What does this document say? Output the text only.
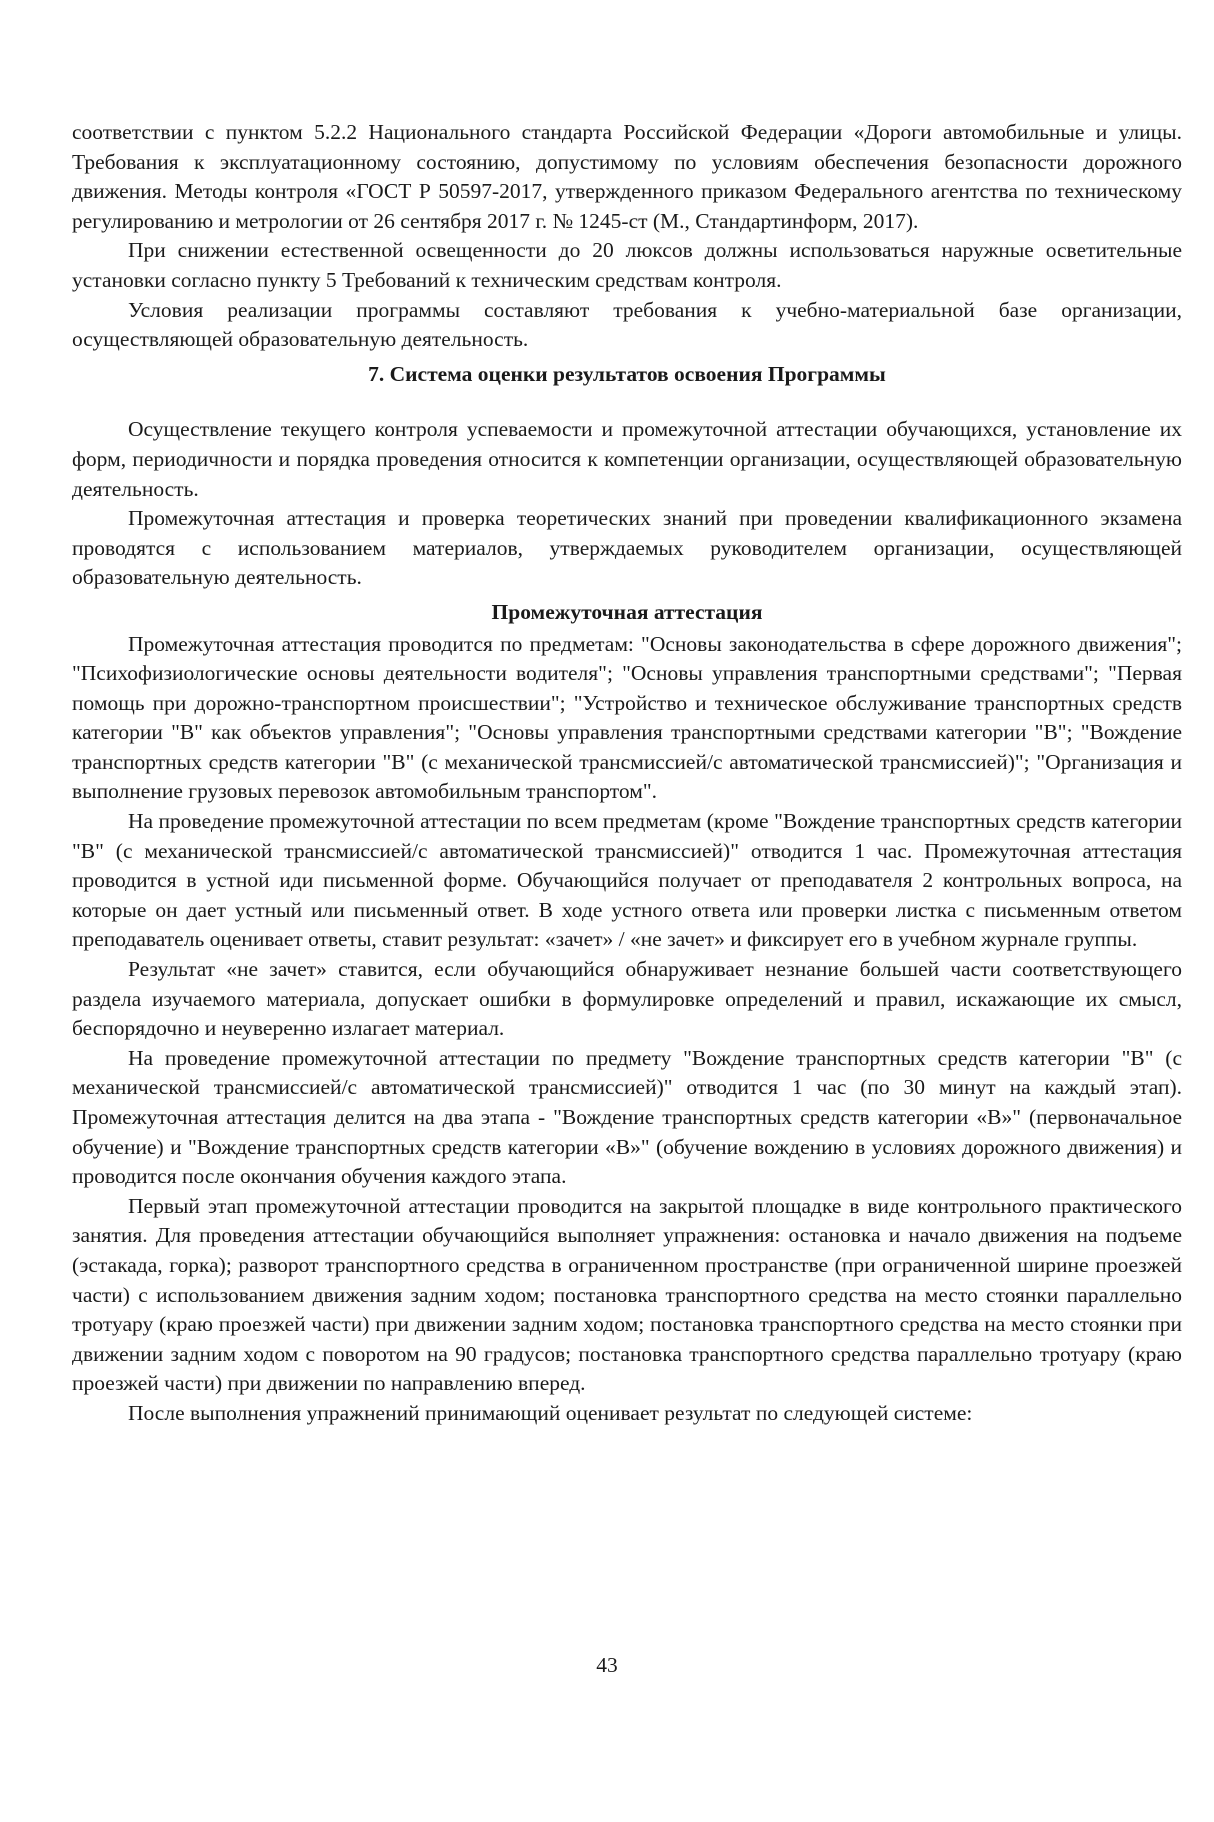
соответствии с пунктом 5.2.2 Национального стандарта Российской Федерации «Дороги автомобильные и улицы. Требования к эксплуатационному состоянию, допустимому по условиям обеспечения безопасности дорожного движения. Методы контроля «ГОСТ Р 50597-2017, утвержденного приказом Федерального агентства по техническому регулированию и метрологии от 26 сентября 2017 г. № 1245-ст (М., Стандартинформ, 2017).

При снижении естественной освещенности до 20 люксов должны использоваться наружные осветительные установки согласно пункту 5 Требований к техническим средствам контроля.

Условия реализации программы составляют требования к учебно-материальной базе организации, осуществляющей образовательную деятельность.

7. Система оценки результатов освоения Программы

Осуществление текущего контроля успеваемости и промежуточной аттестации обучающихся, установление их форм, периодичности и порядка проведения относится к компетенции организации, осуществляющей образовательную деятельность.

Промежуточная аттестация и проверка теоретических знаний при проведении квалификационного экзамена проводятся с использованием материалов, утверждаемых руководителем организации, осуществляющей образовательную деятельность.

Промежуточная аттестация

Промежуточная аттестация проводится по предметам: "Основы законодательства в сфере дорожного движения"; "Психофизиологические основы деятельности водителя"; "Основы управления транспортными средствами"; "Первая помощь при дорожно-транспортном происшествии"; "Устройство и техническое обслуживание транспортных средств категории "В" как объектов управления"; "Основы управления транспортными средствами категории "В"; "Вождение транспортных средств категории "В" (с механической трансмиссией/с автоматической трансмиссией)"; "Организация и выполнение грузовых перевозок автомобильным транспортом".

На проведение промежуточной аттестации по всем предметам (кроме "Вождение транспортных средств категории "В" (с механической трансмиссией/с автоматической трансмиссией)" отводится 1 час. Промежуточная аттестация проводится в устной иди письменной форме. Обучающийся получает от преподавателя 2 контрольных вопроса, на которые он дает устный или письменный ответ. В ходе устного ответа или проверки листка с письменным ответом преподаватель оценивает ответы, ставит результат: «зачет» / «не зачет» и фиксирует его в учебном журнале группы.

Результат «не зачет» ставится, если обучающийся обнаруживает незнание большей части соответствующего раздела изучаемого материала, допускает ошибки в формулировке определений и правил, искажающие их смысл, беспорядочно и неуверенно излагает материал.

На проведение промежуточной аттестации по предмету "Вождение транспортных средств категории "В" (с механической трансмиссией/с автоматической трансмиссией)" отводится 1 час (по 30 минут на каждый этап). Промежуточная аттестация делится на два этапа - "Вождение транспортных средств категории «В»" (первоначальное обучение) и "Вождение транспортных средств категории «В»" (обучение вождению в условиях дорожного движения) и проводится после окончания обучения каждого этапа.

Первый этап промежуточной аттестации проводится на закрытой площадке в виде контрольного практического занятия. Для проведения аттестации обучающийся выполняет упражнения: остановка и начало движения на подъеме (эстакада, горка); разворот транспортного средства в ограниченном пространстве (при ограниченной ширине проезжей части) с использованием движения задним ходом; постановка транспортного средства на место стоянки параллельно тротуару (краю проезжей части) при движении задним ходом; постановка транспортного средства на место стоянки при движении задним ходом с поворотом на 90 градусов; постановка транспортного средства параллельно тротуару (краю проезжей части) при движении по направлению вперед.

После выполнения упражнений принимающий оценивает результат по следующей системе:

43
